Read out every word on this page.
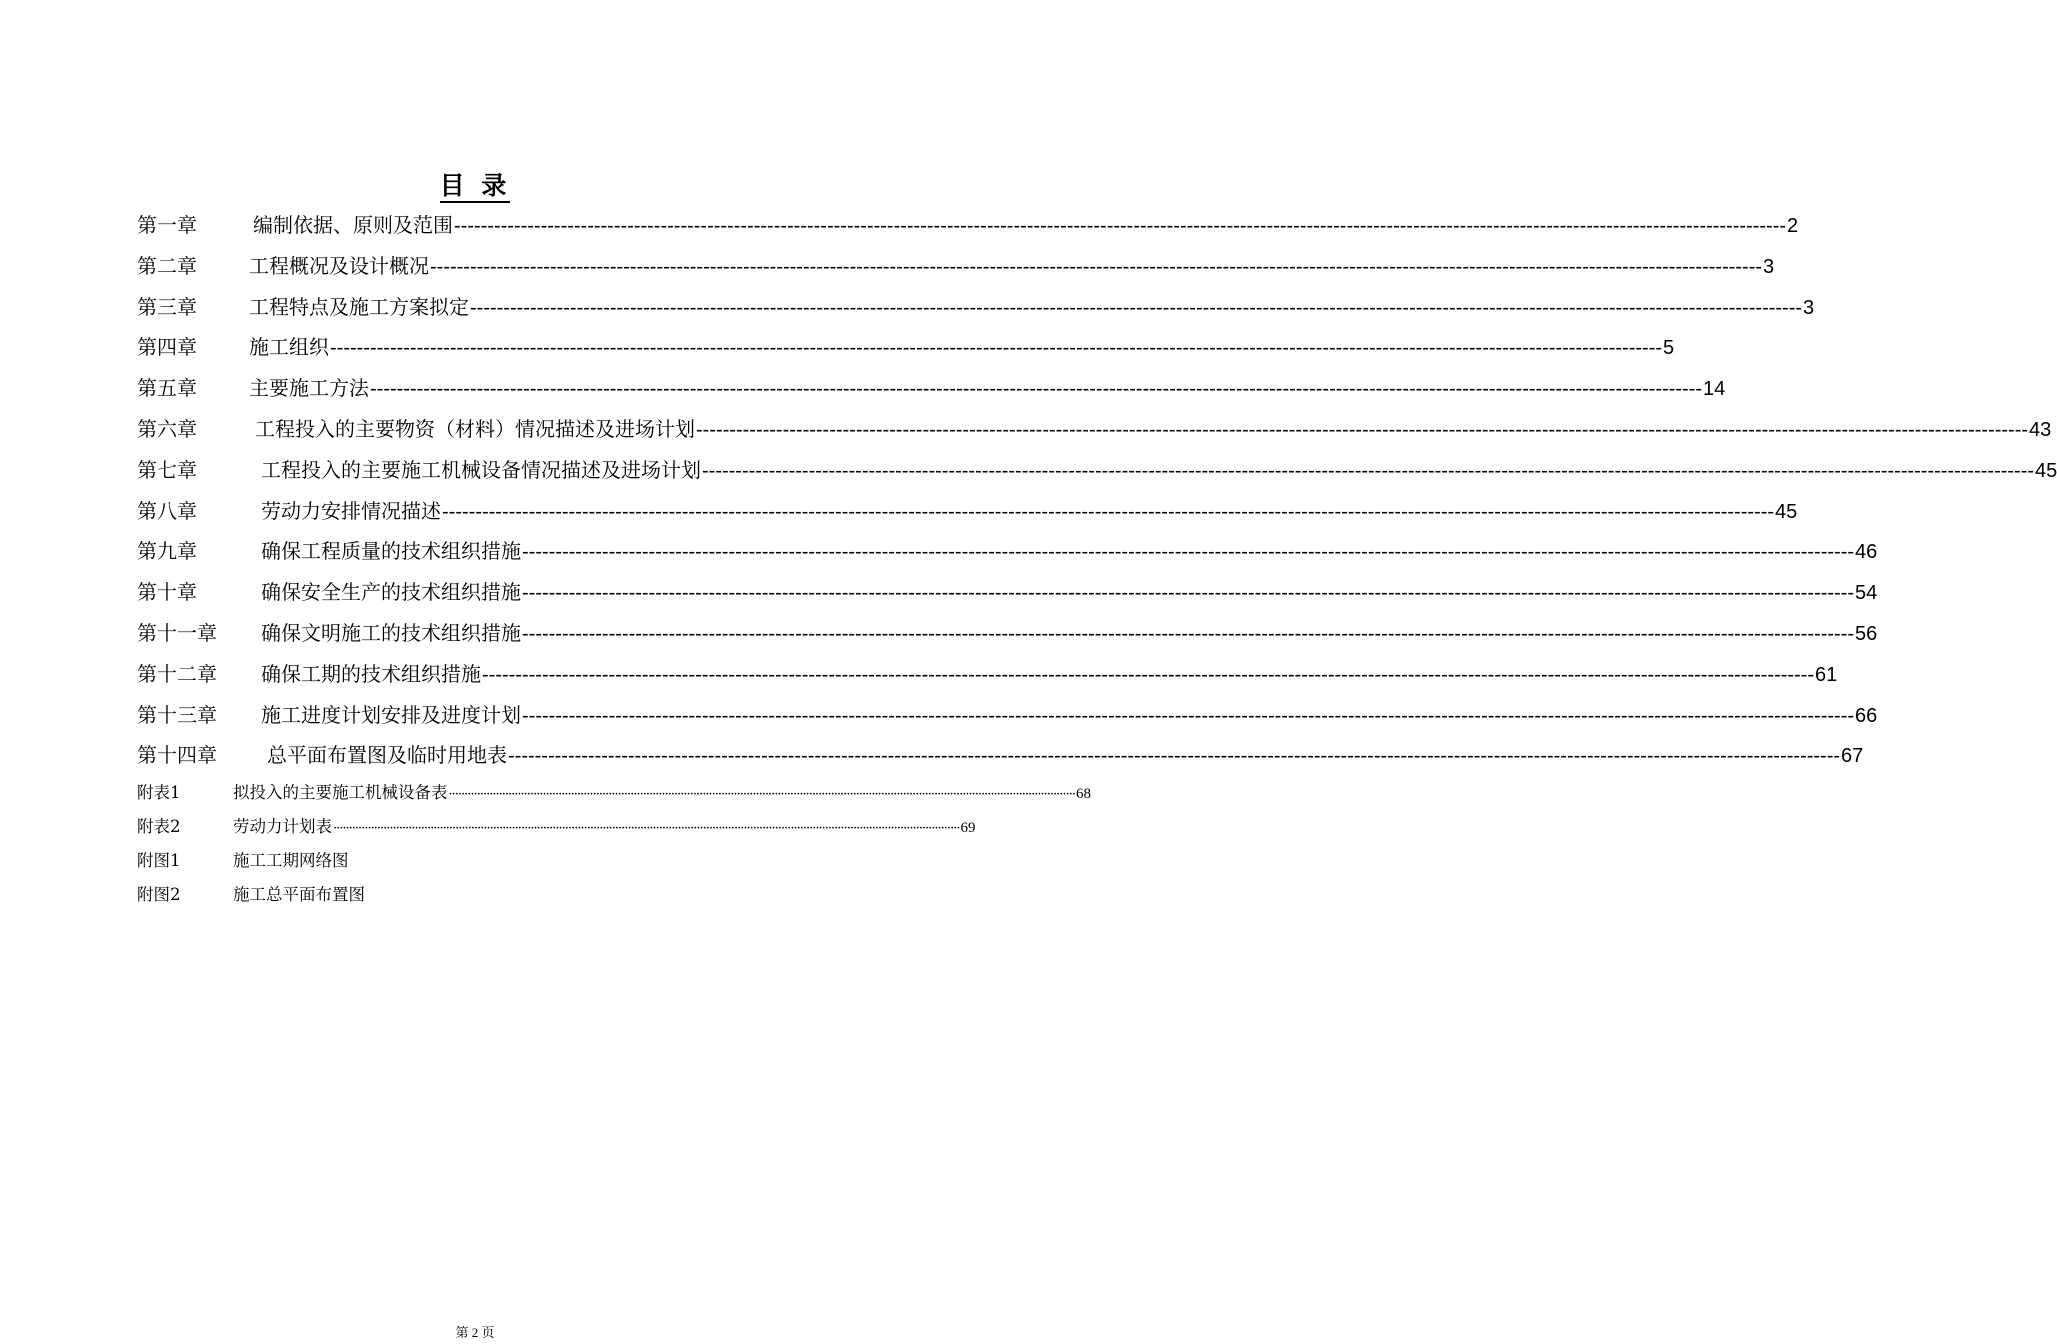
目 录
第一章	编制依据、原则及范围 -------------------------------------------------------------------------------------------------------------------------------------------------------------------------------------------------------- 2
第二章	工程概况及设计概况 -------------------------------------------------------------------------------------------------------------------------------------------------------------------------------------------------------- 3
第三章	工程特点及施工方案拟定 -------------------------------------------------------------------------------------------------------------------------------------------------------------------------------------------------------- 3
第四章	施工组织 -------------------------------------------------------------------------------------------------------------------------------------------------------------------------------------------------------- 5
第五章	主要施工方法 -------------------------------------------------------------------------------------------------------------------------------------------------------------------------------------------------------- 14
第六章	工程投入的主要物资（材料）情况描述及进场计划 -------------------------------------------------------------------------------------------------------------------------------------------------------------------------------------------------------- 43
第七章	工程投入的主要施工机械设备情况描述及进场计划 -------------------------------------------------------------------------------------------------------------------------------------------------------------------------------------------------------- 45
第八章	劳动力安排情况描述 -------------------------------------------------------------------------------------------------------------------------------------------------------------------------------------------------------- 45
第九章	确保工程质量的技术组织措施 -------------------------------------------------------------------------------------------------------------------------------------------------------------------------------------------------------- 46
第十章	确保安全生产的技术组织措施 -------------------------------------------------------------------------------------------------------------------------------------------------------------------------------------------------------- 54
第十一章	确保文明施工的技术组织措施 -------------------------------------------------------------------------------------------------------------------------------------------------------------------------------------------------------- 56
第十二章	确保工期的技术组织措施 -------------------------------------------------------------------------------------------------------------------------------------------------------------------------------------------------------- 61
第十三章	施工进度计划安排及进度计划 -------------------------------------------------------------------------------------------------------------------------------------------------------------------------------------------------------- 66
第十四章	总平面布置图及临时用地表 -------------------------------------------------------------------------------------------------------------------------------------------------------------------------------------------------------- 67
附表1	拟投入的主要施工机械设备表 ········································································································································································································ 68
附表2	劳动力计划表 ········································································································································································································ 69
附图1	施工工期网络图
附图2	施工总平面布置图
第 2 页
